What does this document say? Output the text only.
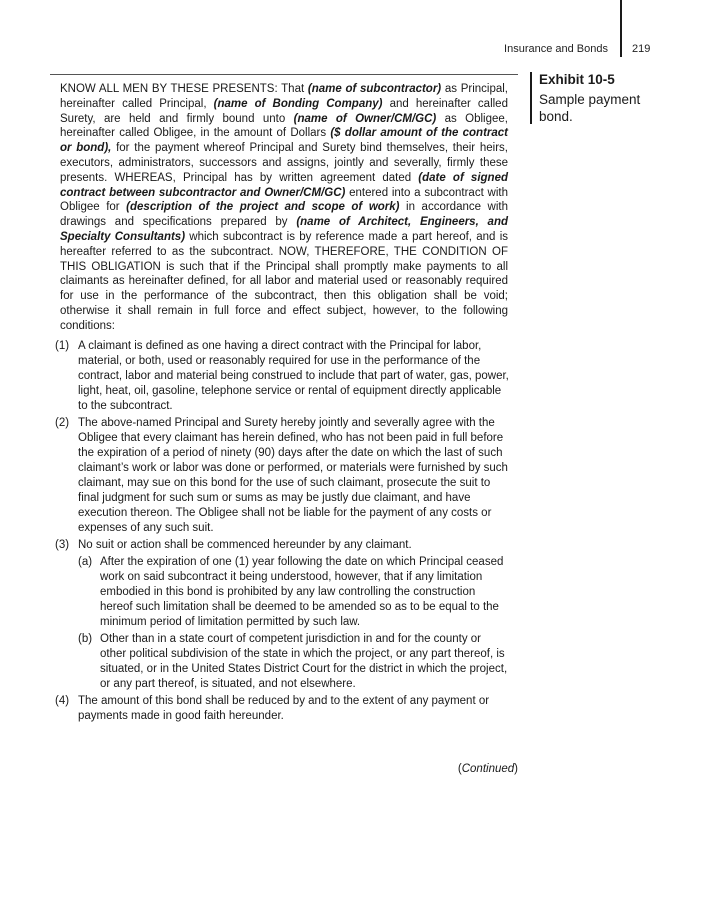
Insurance and Bonds 219
Exhibit 10-5
Sample payment bond.

KNOW ALL MEN BY THESE PRESENTS: That (name of subcontractor) as Principal, hereinafter called Principal, (name of Bonding Company) and hereinafter called Surety, are held and firmly bound unto (name of Owner/CM/GC) as Obligee, hereinafter called Obligee, in the amount of Dollars ($ dollar amount of the contract or bond), for the payment whereof Principal and Surety bind themselves, their heirs, executors, administrators, successors and assigns, jointly and severally, firmly these presents. WHEREAS, Principal has by written agreement dated (date of signed contract between subcontractor and Owner/CM/GC) entered into a subcontract with Obligee for (description of the project and scope of work) in accordance with drawings and specifications prepared by (name of Architect, Engineers, and Specialty Consultants) which subcontract is by reference made a part hereof, and is hereafter referred to as the subcontract. NOW, THEREFORE, THE CONDITION OF THIS OBLIGATION is such that if the Principal shall promptly make payments to all claimants as hereinafter defined, for all labor and material used or reasonably required for use in the performance of the subcontract, then this obligation shall be void; otherwise it shall remain in full force and effect subject, however, to the following conditions:

(1) A claimant is defined as one having a direct contract with the Principal for labor, material, or both, used or reasonably required for use in the performance of the contract, labor and material being construed to include that part of water, gas, power, light, heat, oil, gasoline, telephone service or rental of equipment directly applicable to the subcontract.
(2) The above-named Principal and Surety hereby jointly and severally agree with the Obligee that every claimant has herein defined, who has not been paid in full before the expiration of a period of ninety (90) days after the date on which the last of such claimant’s work or labor was done or performed, or materials were furnished by such claimant, may sue on this bond for the use of such claimant, prosecute the suit to final judgment for such sum or sums as may be justly due claimant, and have execution thereon. The Obligee shall not be liable for the payment of any costs or expenses of any such suit.
(3) No suit or action shall be commenced hereunder by any claimant.
(a) After the expiration of one (1) year following the date on which Principal ceased work on said subcontract it being understood, however, that if any limitation embodied in this bond is prohibited by any law controlling the construction hereof such limitation shall be deemed to be amended so as to be equal to the minimum period of limitation permitted by such law.
(b) Other than in a state court of competent jurisdiction in and for the county or other political subdivision of the state in which the project, or any part thereof, is situated, or in the United States District Court for the district in which the project, or any part thereof, is situated, and not elsewhere.
(4) The amount of this bond shall be reduced by and to the extent of any payment or payments made in good faith hereunder.
(Continued)
